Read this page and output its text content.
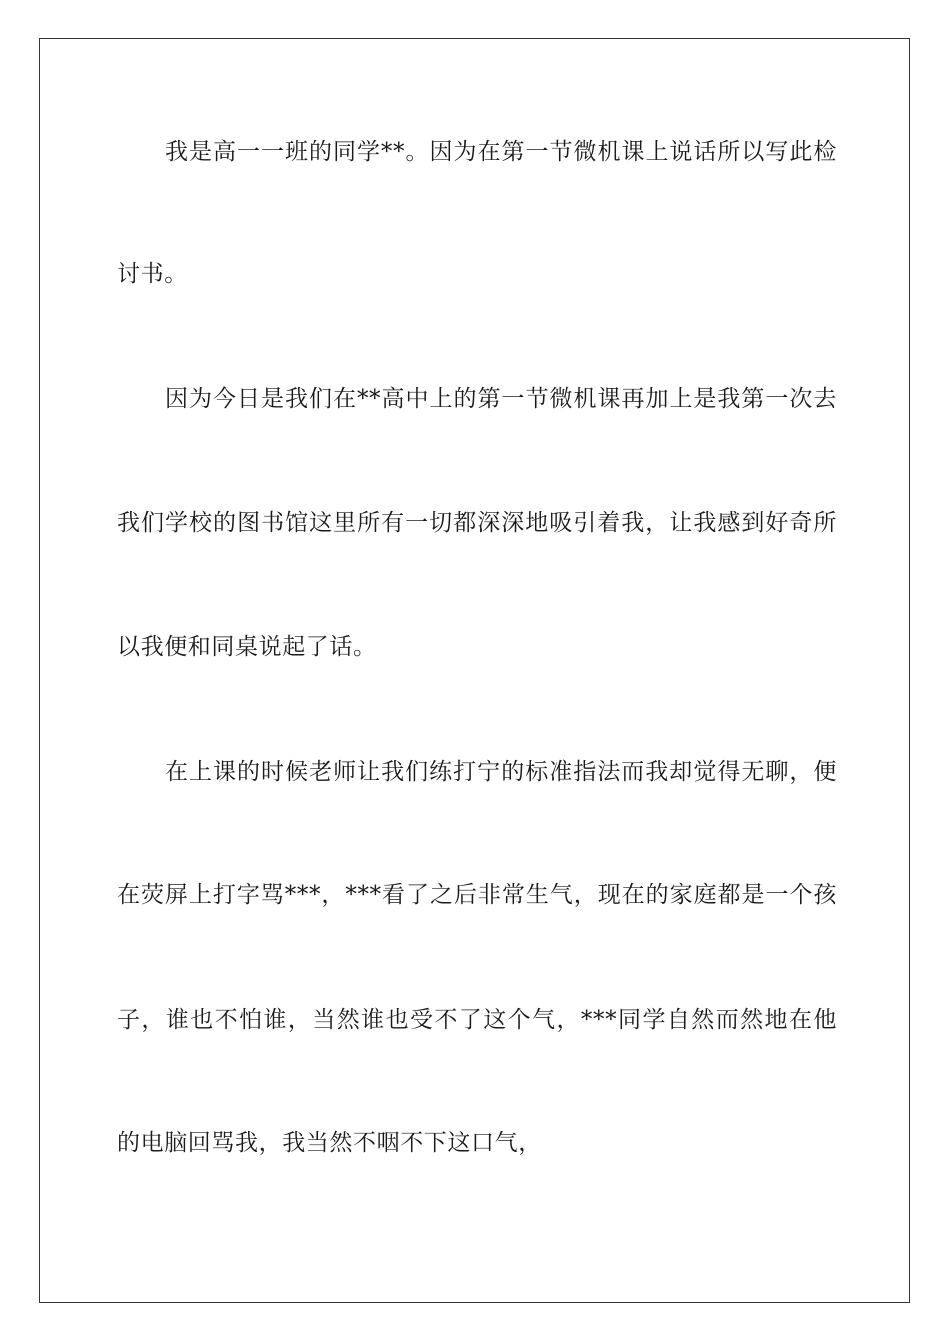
我是高一一班的同学**。因为在第一节微机课上说话所以写此检
讨书。
因为今日是我们在**高中上的第一节微机课再加上是我第一次去
我们学校的图书馆这里所有一切都深深地吸引着我，让我感到好奇所
以我便和同桌说起了话。
在上课的时候老师让我们练打宁的标准指法而我却觉得无聊，便
在荧屏上打字骂***，***看了之后非常生气，现在的家庭都是一个孩
子，谁也不怕谁，当然谁也受不了这个气，***同学自然而然地在他
的电脑回骂我，我当然不咽不下这口气，
